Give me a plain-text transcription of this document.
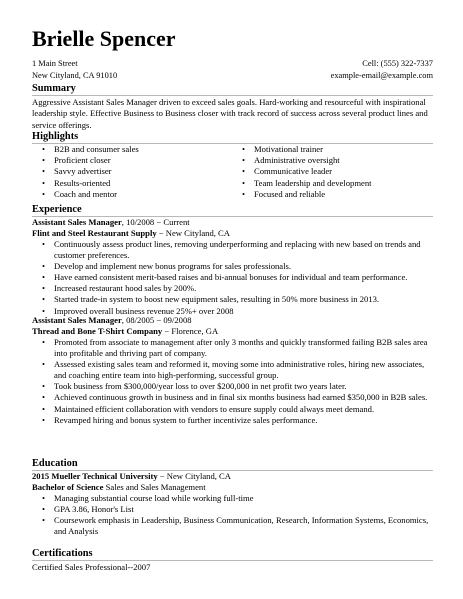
Brielle Spencer
1 Main Street
New Cityland, CA 91010
Cell: (555) 322-7337
example-email@example.com
Summary
Aggressive Assistant Sales Manager driven to exceed sales goals. Hard-working and resourceful with inspirational leadership style. Effective Business to Business closer with track record of success across several product lines and service offerings.
Highlights
• B2B and consumer sales
• Proficient closer
• Savvy advertiser
• Results-oriented
• Coach and mentor
• Motivational trainer
• Administrative oversight
• Communicative leader
• Team leadership and development
• Focused and reliable
Experience
Assistant Sales Manager, 10/2008 − Current
Flint and Steel Restaurant Supply − New Cityland, CA
• Continuously assess product lines, removing underperforming and replacing with new based on trends and customer preferences.
• Develop and implement new bonus programs for sales professionals.
• Have earned consistent merit-based raises and bi-annual bonuses for individual and team performance.
• Increased restaurant hood sales by 200%.
• Started trade-in system to boost new equipment sales, resulting in 50% more business in 2013.
• Improved overall business revenue 25%+ over 2008
Assistant Sales Manager, 08/2005 − 09/2008
Thread and Bone T-Shirt Company − Florence, GA
• Promoted from associate to management after only 3 months and quickly transformed failing B2B sales area into profitable and thriving part of company.
• Assessed existing sales team and reformed it, moving some into administrative roles, hiring new associates, and coaching entire team into high-performing, successful group.
• Took business from $300,000/year loss to over $200,000 in net profit two years later.
• Achieved continuous growth in business and in final six months business had earned $350,000 in B2B sales.
• Maintained efficient collaboration with vendors to ensure supply could always meet demand.
• Revamped hiring and bonus system to further incentivize sales performance.
Education
2015 Mueller Technical University − New Cityland, CA
Bachelor of Science Sales and Sales Management
• Managing substantial course load while working full-time
• GPA 3.86, Honor's List
• Coursework emphasis in Leadership, Business Communication, Research, Information Systems, Economics, and Analysis
Certifications
Certified Sales Professional--2007
